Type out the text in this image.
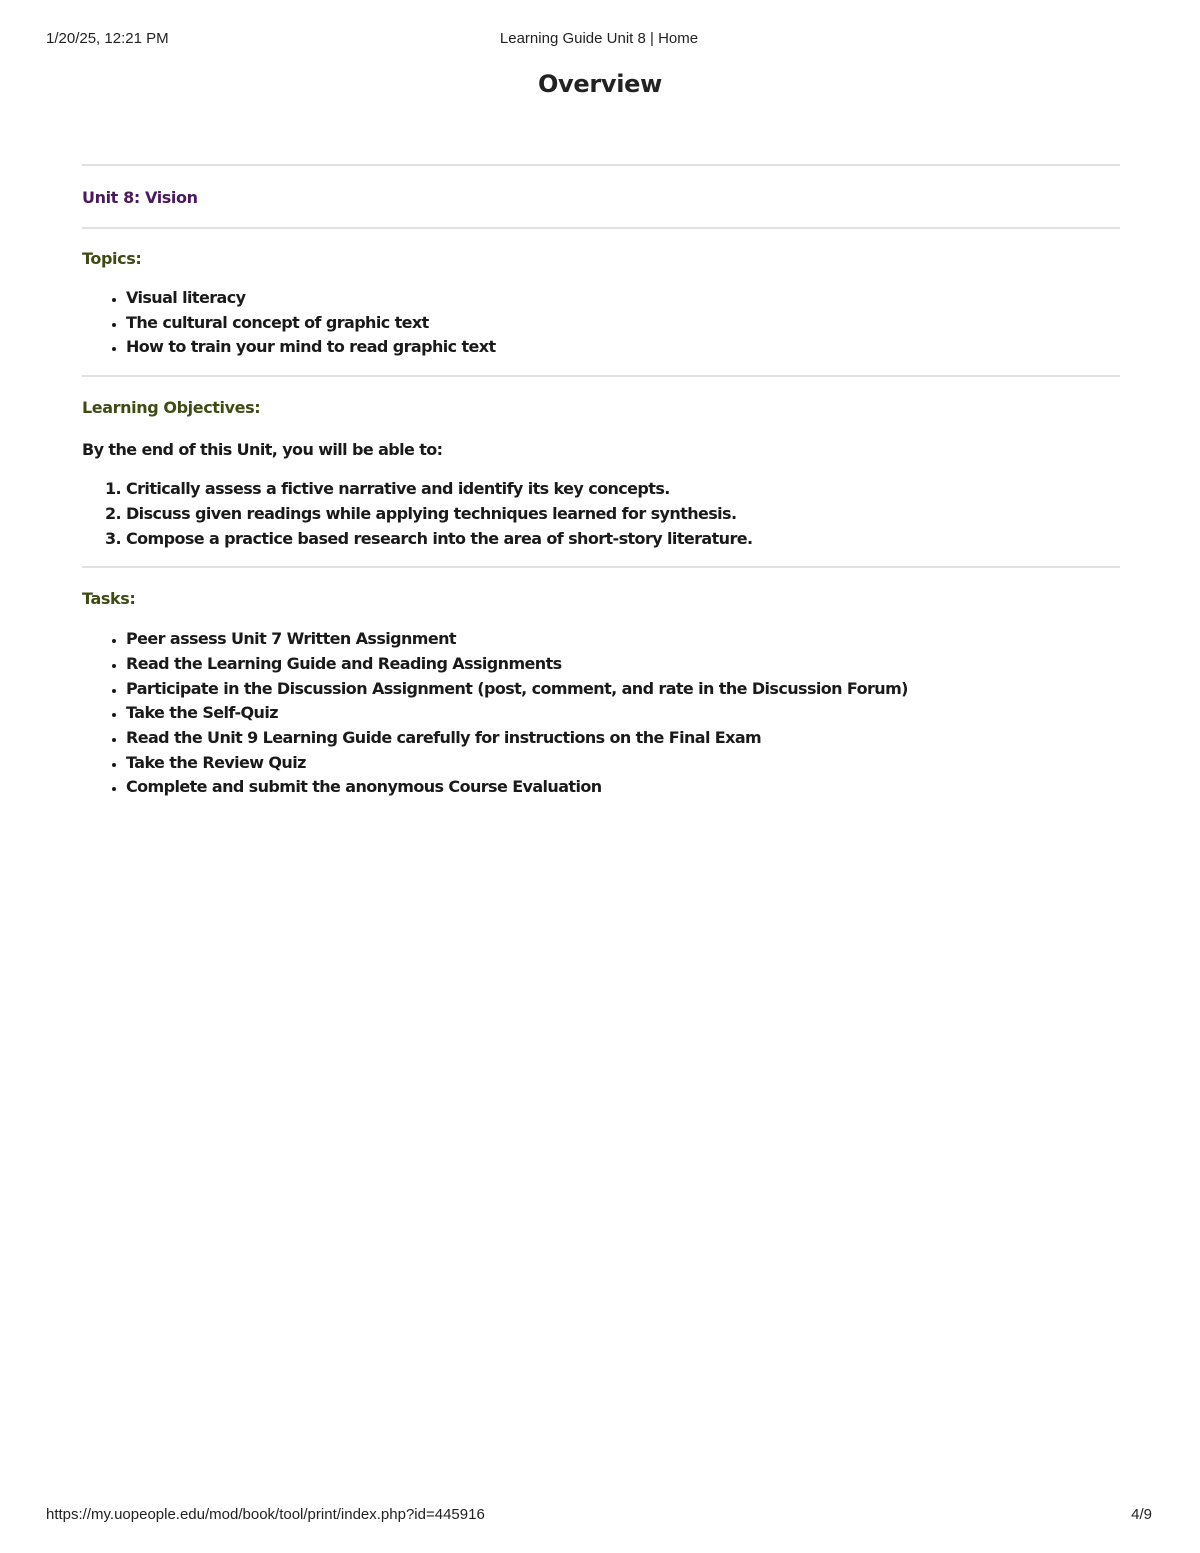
1/20/25, 12:21 PM	Learning Guide Unit 8 | Home
Overview
Unit 8: Vision
Topics:
• Visual literacy
• The cultural concept of graphic text
• How to train your mind to read graphic text
Learning Objectives:

By the end of this Unit, you will be able to:

1. Critically assess a fictive narrative and identify its key concepts.
2. Discuss given readings while applying techniques learned for synthesis.
3. Compose a practice based research into the area of short-story literature.
Tasks:
• Peer assess Unit 7 Written Assignment
• Read the Learning Guide and Reading Assignments
• Participate in the Discussion Assignment (post, comment, and rate in the Discussion Forum)
• Take the Self-Quiz
• Read the Unit 9 Learning Guide carefully for instructions on the Final Exam
• Take the Review Quiz
• Complete and submit the anonymous Course Evaluation
https://my.uopeople.edu/mod/book/tool/print/index.php?id=445916	4/9
